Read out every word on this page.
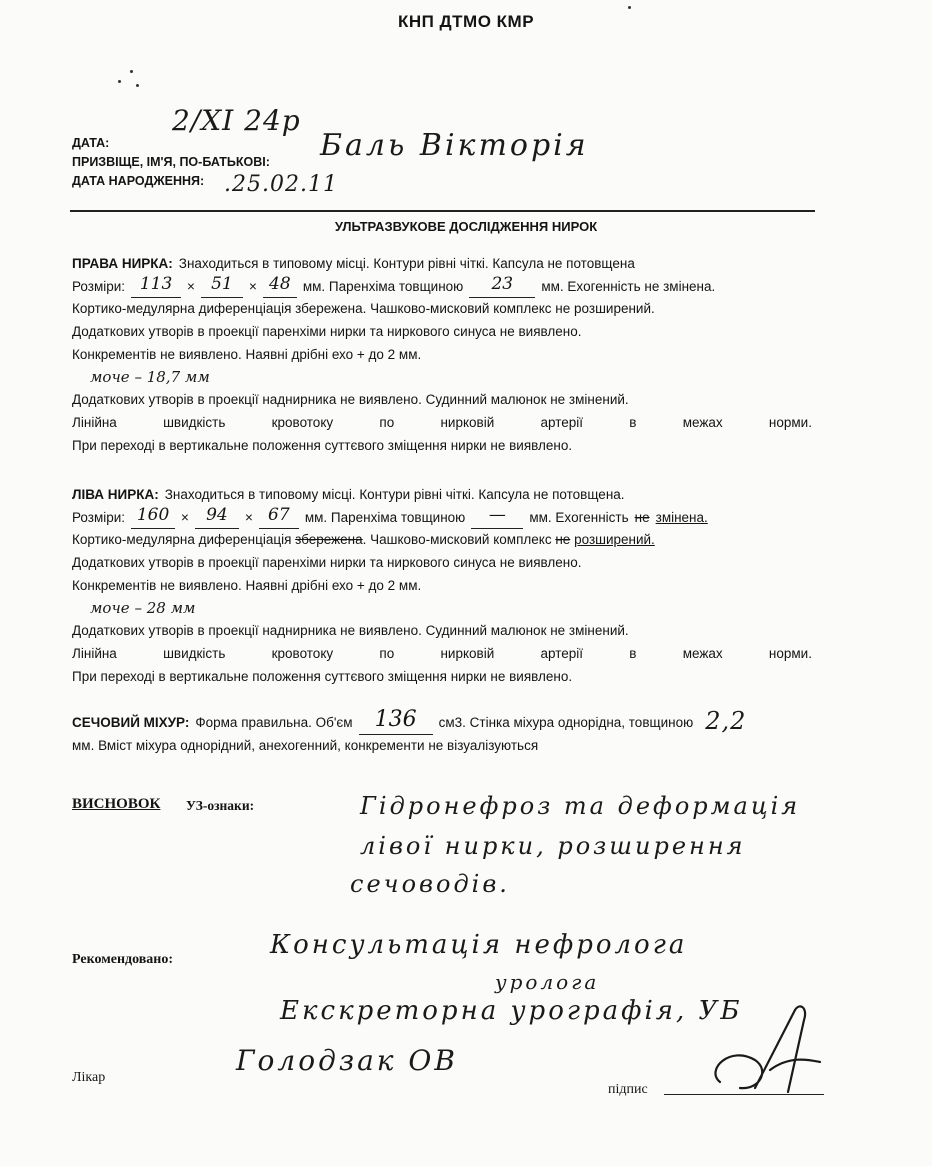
КНП ДТМО КМР
ДАТА:
2/ХІ 24р
ПРИЗВІЩЕ, ІМ'Я, ПО-БАТЬКОВІ: Баль Вікторія
ДАТА НАРОДЖЕННЯ: .25.02.11
УЛЬТРАЗВУКОВЕ ДОСЛІДЖЕННЯ НИРОК
ПРАВА НИРКА: Знаходиться в типовому місці. Контури рівні чіткі. Капсула не потовщена
Розміри: 113	× 51	× 48 мм. Паренхіма товщиною	23	мм. Exoгенність не змінена.
Кортико-медулярна диференціація збережена. Чашково-мисковий комплекс не розширений.
Додаткових утворів в проекції паренхіми нирки та ниркового синуса не виявлено.
Конкрементів не виявлено. Наявні дрібні ехо + до 2 мм.
моче – 18,7 мм
Додаткових утворів в проекції наднирника не виявлено. Судинний малюнок не змінений.
Лінійна	швидкість	кровотоку	по	нирковій	артерії	в	межах	норми.
При переході в вертикальне положення суттєвого зміщення нирки не виявлено.
ЛІВА НИРКА: Знаходиться в типовому місці. Контури рівні чіткі. Капсула не потовщена.
Розміри: 160 ×	94	× 67	мм. Паренхіма товщиною	—	мм. Exoгенність не змінена.
Кортико-медулярна диференціація
збережена . Чашково-мисковий комплекс
не
розширений.
Додаткових утворів в проекції паренхіми нирки та ниркового синуса не виявлено.
Конкрементів не виявлено. Наявні дрібні ехо + до 2 мм.
моче – 28 мм
Додаткових утворів в проекції наднирника не виявлено. Судинний малюнок не змінений.
Лінійна	швидкість	кровотоку	по	нирковій	артерії	в	межах	норми.
При переході в вертикальне положення суттєвого зміщення нирки не виявлено.
СЕЧОВИЙ МІХУР: Форма правильна. Об'єм	136	см3. Стінка міхура однорідна, товщиною 2,2
мм. Вміст міхура однорідний, анехогенний, конкременти не візуалізуються
ВИСНОВОК УЗ-ознаки:	Гідронефроз та деформація
лівої нирки, розширення
сечоводів.
Рекомендовано:	Консультація нефролога
уролога
Екскреторна урографія, УБ
Голодзак ОВ
Лікар
підпис
